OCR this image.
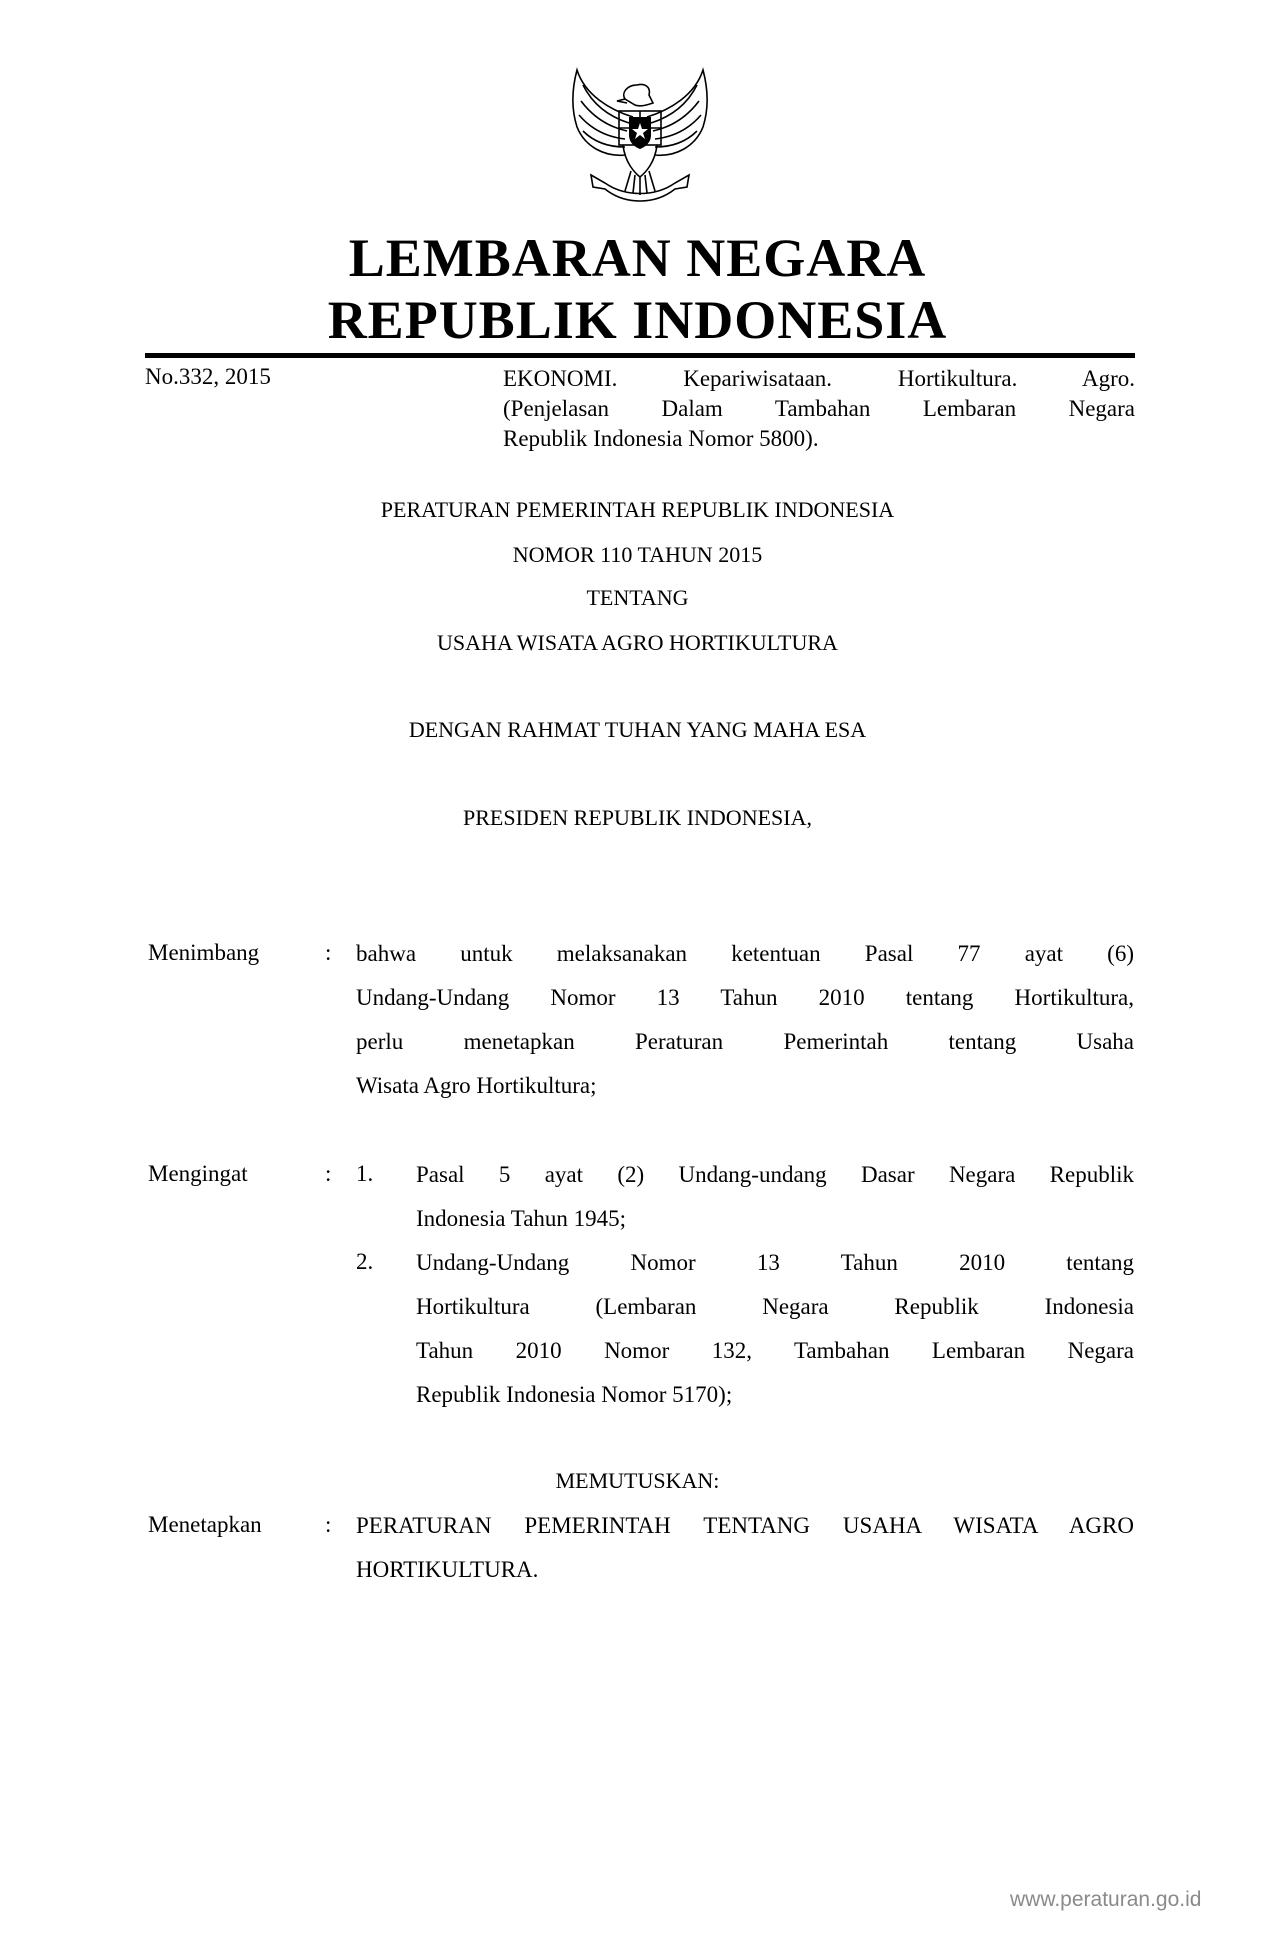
LEMBARAN NEGARA
REPUBLIK INDONESIA
No.332, 2015	EKONOMI. Kepariwisataan. Hortikultura. Agro.
(Penjelasan Dalam Tambahan Lembaran Negara
Republik Indonesia Nomor 5800).
PERATURAN PEMERINTAH REPUBLIK INDONESIA
NOMOR 110 TAHUN 2015
TENTANG
USAHA WISATA AGRO HORTIKULTURA
DENGAN RAHMAT TUHAN YANG MAHA ESA
PRESIDEN REPUBLIK INDONESIA,
Menimbang	: bahwa untuk melaksanakan ketentuan Pasal 77 ayat (6)
Undang-Undang Nomor 13 Tahun 2010 tentang Hortikultura,
perlu menetapkan Peraturan Pemerintah tentang Usaha
Wisata Agro Hortikultura;
Mengingat	: 1. Pasal 5 ayat (2) Undang-undang Dasar Negara Republik
Indonesia Tahun 1945;
2. Undang-Undang Nomor 13 Tahun 2010 tentang
Hortikultura (Lembaran Negara Republik Indonesia
Tahun 2010 Nomor 132, Tambahan Lembaran Negara
Republik Indonesia Nomor 5170);
MEMUTUSKAN:
Menetapkan	: PERATURAN PEMERINTAH TENTANG USAHA WISATA AGRO
HORTIKULTURA.
www.peraturan.go.id
